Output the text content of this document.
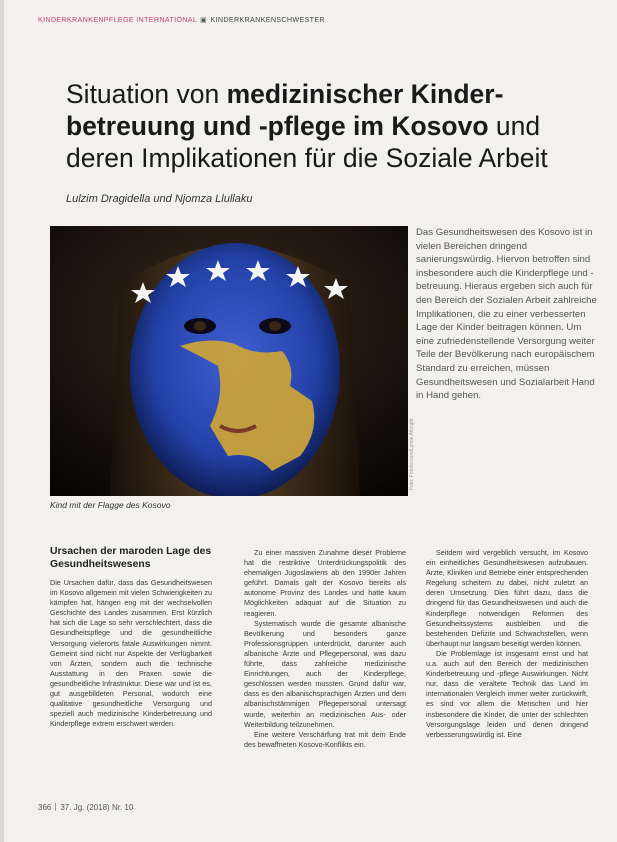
KINDERKRANKENPFLEGE INTERNATIONAL ▣ KINDERKRANKENSCHWESTER
Situation von medizinischer Kinder-betreuung und -pflege im Kosovo und deren Implikationen für die Soziale Arbeit
Lulzim Dragidella und Njomza Llullaku
Foto: Fotolia.com/Lynne Albright
Kind mit der Flagge des Kosovo

Das Gesundheitswesen des Kosovo ist in vielen Bereichen dringend sanierungswürdig. Hiervon betroffen sind insbesondere auch die Kinderpflege und -betreuung. Hieraus ergeben sich auch für den Bereich der Sozialen Arbeit zahlreiche Implikationen, die zu einer verbesserten Lage der Kinder beitragen können. Um eine zufriedenstellende Versorgung weiter Teile der Bevölkerung nach europäischem Standard zu erreichen, müssen Gesundheitswesen und Sozialarbeit Hand in Hand gehen.

Ursachen der maroden Lage des Gesundheitswesens

Die Ursachen dafür, dass das Gesundheitswesen im Kosovo allgemein mit vielen Schwierigkeiten zu kämpfen hat, hängen eng mit der wechselvollen Geschichte des Landes zusammen. Erst kürzlich hat sich die Lage so sehr verschlechtert, dass die Gesundheitspflege und die gesundheitliche Versorgung vielerorts fatale Auswirkungen nimmt. Gemeint sind nicht nur Aspekte der Verfügbarkeit von Ärzten, sondern auch die technische Ausstattung in den Praxen sowie die gesundheitliche Infrastruktur. Diese war und ist es, gut ausgebildeten Personal, wodurch eine qualitative gesundheitliche Versorgung und speziell auch medizinische Kinderbetreuung und Kinderpflege extrem erschwert werden.

Zu einer massiven Zunahme dieser Probleme hat die restriktive Unterdrückungspolitik des ehemaligen Jugoslawiens ab den 1990er Jahren geführt. Damals galt der Kosovo bereits als autonome Provinz des Landes und hatte kaum Möglichkeiten adäquat auf die Situation zu reagieren.

Systematisch wurde die gesamte albanische Bevölkerung und besonders ganze Professionsgruppen unterdrückt, darunter auch albanische Ärzte und Pflegepersonal, was dazu führte, dass zahlreiche medizinische Einrichtungen, auch der Kinderpflege, geschlossen werden mussten. Grund dafür war, dass es den albanischsprachigen Ärzten und dem albanischstämmigen Pflegepersonal untersagt wurde, weiterhin an medizinischen Aus- oder Weiterbildung teilzunehmen.

Eine weitere Verschärfung trat mit dem Ende des bewaffneten Kosovo-Konflikts ein.

Seitdem wird vergeblich versucht, im Kosovo ein einheitliches Gesundheitswesen aufzubauen. Ärzte, Kliniken und Betriebe einer entsprechenden Regelung scheitern zu dabei, nicht zuletzt an deren Umsetzung. Dies führt dazu, dass die dringend für das Gesundheitswesen und auch die Kinderpflege notwendigen Reformen des Gesundheitssystems ausbleiben und die bestehenden Defizite und Schwachstellen, wenn überhaupt nur langsam beseitigt werden können.

Die Problemlage ist insgesamt ernst und hat u.a. auch auf den Bereich der medizinischen Kinderbetreuung und -pflege Auswirkungen. Nicht nur, dass die veraltete Technik das Land im internationalen Vergleich immer weiter zurückwirft, es sind vor allem die Menschen und hier insbesondere die Kinder, die unter der schlechten Versorgungslage leiden und denen dringend verbesserungswürdig ist. Eine

366 37. Jg. (2018) Nr. 10
